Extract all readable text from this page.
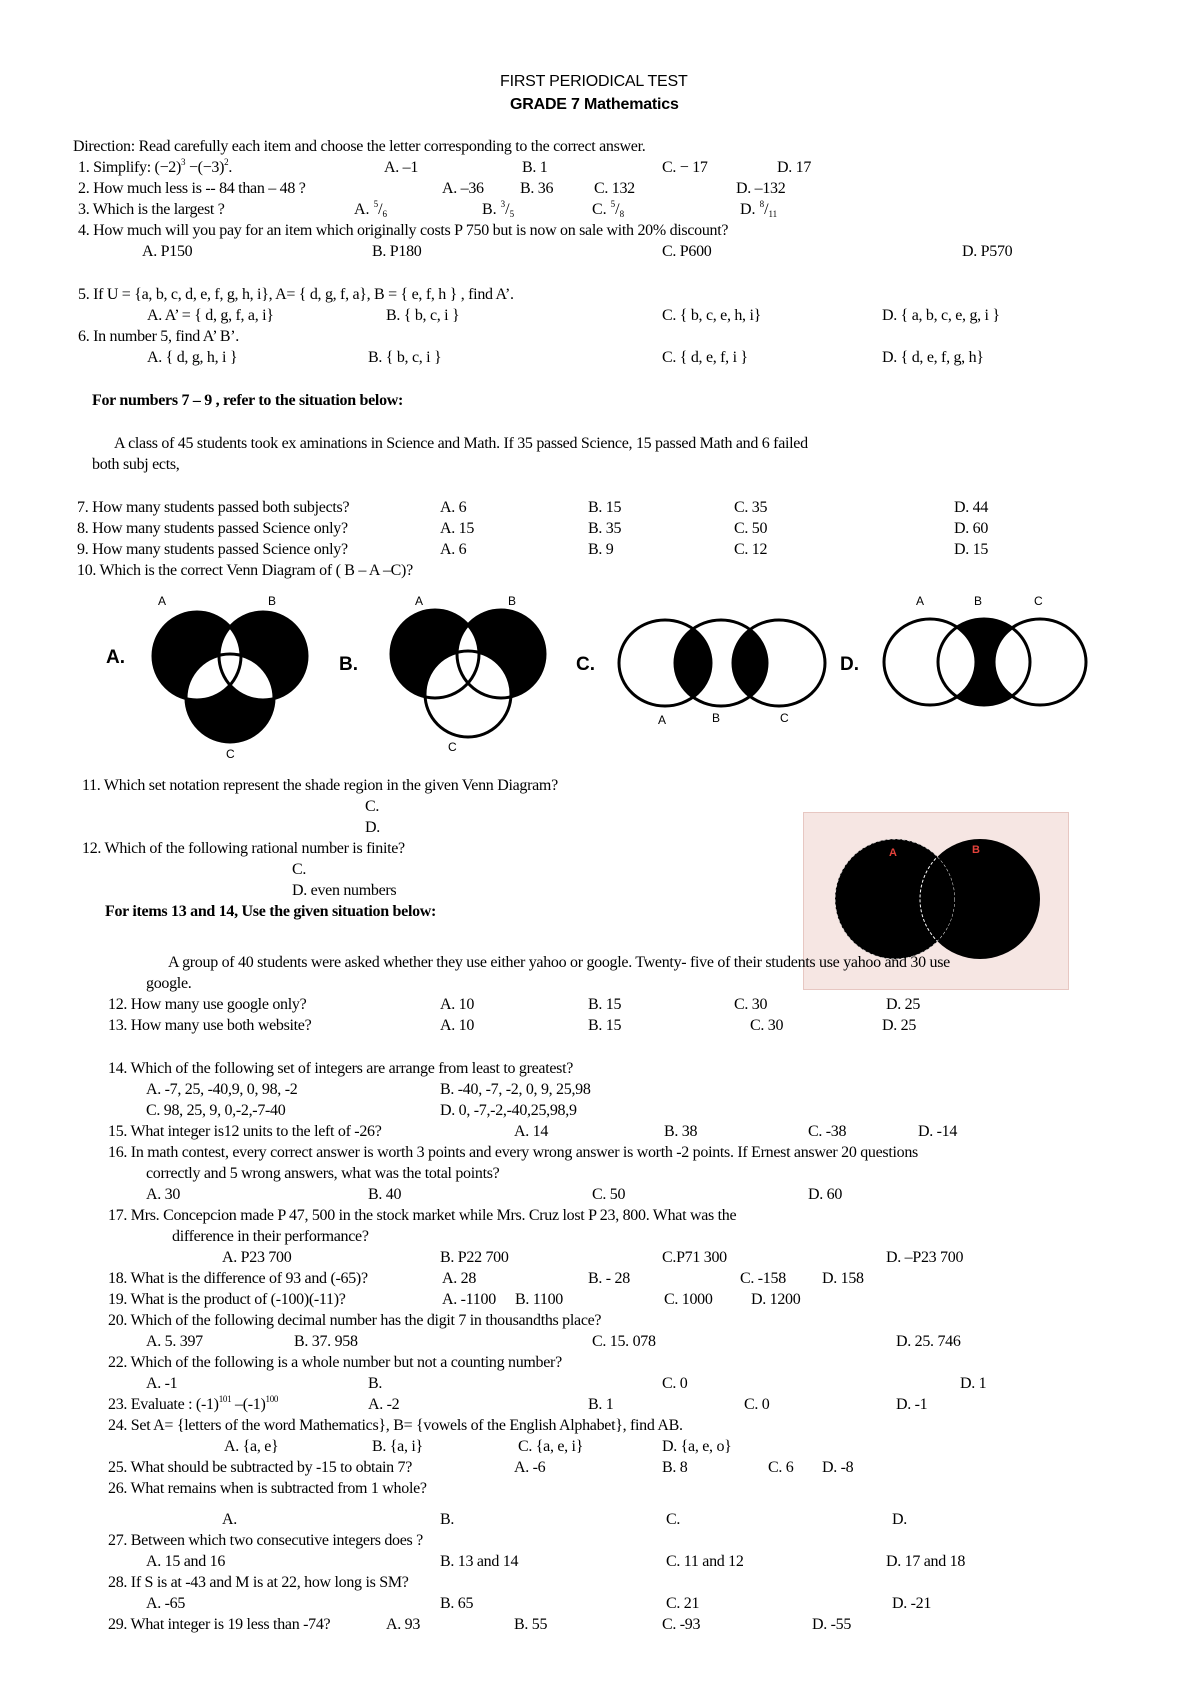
FIRST PERIODICAL TEST
GRADE 7 Mathematics
Direction: Read carefully each item and choose the letter corresponding to the correct answer.
1. Simplify: $(-2)^3 -(-3)^2$.	A. –1	B. 1	C. − 17	D. 17
2. How much less is -- 84 than – 48 ?	A. –36 B. 36	C. 132	D. –132
3. Which is the largest ?	A. $^5/_6$	B. $^3/_5$	C. $^5/_8$	D. $^8/_{11}$
4. How much will you pay for an item which originally costs P 750 but is now on sale with 20% discount?
A. P150	B. P180	C. P600	D. P570
5. If U = {a, b, c, d, e, f, g, h, i}, A= { d, g, f, a}, B = { e, f, h } , find A’.
A. A’ = { d, g, f, a, i}	B. { b, c, i }	C. { b, c, e, h, i}	D. { a, b, c, e, g, i }
6. In number 5, find A’ B’.
A. { d, g, h, i }	B. { b, c, i }	C. { d, e, f, i }	D. { d, e, f, g, h}
For numbers 7 – 9 , refer to the situation below:
A class of 45 students took ex aminations in Science and Math. If 35 passed Science, 15 passed Math and 6 failed
both subj ects,
7. How many students passed both subjects?	A. 6	B. 15	C. 35	D. 44
8. How many students passed Science only?	A. 15	B. 35	C. 50	D. 60
9. How many students passed Science only?	A. 6	B. 9	C. 12	D. 15
10. Which is the correct Venn Diagram of ( B – A –C)?
A	B
A.
C
A	B
B.
C
C.
A	B	C
A	B	C
D.
11. Which set notation represent the shade region in the given Venn Diagram?
C.
D.
12. Which of the following rational number is finite?
C.
D. even numbers
A	B
For items 13 and 14, Use the given situation below:
A group of 40 students were asked whether they use either yahoo or google. Twenty- five of their students use yahoo and 30 use
google.
12. How many use google only?	A. 10	B. 15	C. 30	D. 25
13. How many use both website?	A. 10	B. 15	C. 30	D. 25
14. Which of the following set of integers are arrange from least to greatest?
A. -7, 25, -40,9, 0, 98, -2	B. -40, -7, -2, 0, 9, 25,98
C. 98, 25, 9, 0,-2,-7-40	D. 0, -7,-2,-40,25,98,9
15. What integer is12 units to the left of -26?	A. 14	B. 38	C. -38	D. -14
16. In math contest, every correct answer is worth 3 points and every wrong answer is worth -2 points. If Ernest answer 20 questions
correctly and 5 wrong answers, what was the total points?
A. 30	B. 40	C. 50	D. 60
17. Mrs. Concepcion made P 47, 500 in the stock market while Mrs. Cruz lost P 23, 800. What was the
difference in their performance?
A. P23 700	B. P22 700	C.P71 300	D. –P23 700
18. What is the difference of 93 and (-65)?	A. 28	B. - 28	C. -158 D. 158
19. What is the product of (-100)(-11)?	A. -1100 B. 1100	C. 1000 D. 1200
20. Which of the following decimal number has the digit 7 in thousandths place?
A. 5. 397	B. 37. 958	C. 15. 078	D. 25. 746
22. Which of the following is a whole number but not a counting number?
A. -1	B.	C. 0	D. 1
23. Evaluate : $(-1)^{101}$ $-(-1)^{100}$	A. -2	B. 1	C. 0	D. -1
24. Set A= {letters of the word Mathematics}, B= {vowels of the English Alphabet}, find AB.
A. {a, e}	B. {a, i}	C. {a, e, i}	D. {a, e, o}
25. What should be subtracted by -15 to obtain 7?	A. -6	B. 8	C. 6 D. -8
26. What remains when is subtracted from 1 whole?
A.	B.	C.	D.
27. Between which two consecutive integers does ?
A. 15 and 16	B. 13 and 14	C. 11 and 12	D. 17 and 18
28. If S is at -43 and M is at 22, how long is SM?
A. -65	B. 65	C. 21	D. -21
29. What integer is 19 less than -74?	A. 93	B. 55	C. -93	D. -55
